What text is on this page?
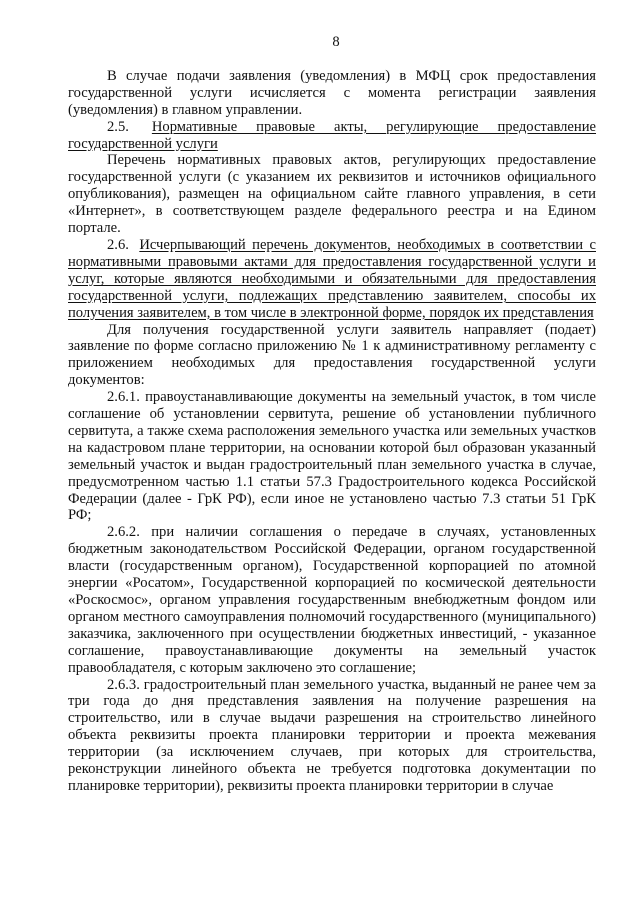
8

В случае подачи заявления (уведомления) в МФЦ срок предоставления государственной услуги исчисляется с момента регистрации заявления (уведомления) в главном управлении.

2.5. Нормативные правовые акты, регулирующие предоставление государственной услуги

Перечень нормативных правовых актов, регулирующих предоставление государственной услуги (с указанием их реквизитов и источников официального опубликования), размещен на официальном сайте главного управления, в сети «Интернет», в соответствующем разделе федерального реестра и на Едином портале.

2.6. Исчерпывающий перечень документов, необходимых в соответствии с нормативными правовыми актами для предоставления государственной услуги и услуг, которые являются необходимыми и обязательными для предоставления государственной услуги, подлежащих представлению заявителем, способы их получения заявителем, в том числе в электронной форме, порядок их представления

Для получения государственной услуги заявитель направляет (подает) заявление по форме согласно приложению № 1 к административному регламенту с приложением необходимых для предоставления государственной услуги документов:

2.6.1. правоустанавливающие документы на земельный участок, в том числе соглашение об установлении сервитута, решение об установлении публичного сервитута, а также схема расположения земельного участка или земельных участков на кадастровом плане территории, на основании которой был образован указанный земельный участок и выдан градостроительный план земельного участка в случае, предусмотренном частью 1.1 статьи 57.3 Градостроительного кодекса Российской Федерации (далее - ГрК РФ), если иное не установлено частью 7.3 статьи 51 ГрК РФ;

2.6.2. при наличии соглашения о передаче в случаях, установленных бюджетным законодательством Российской Федерации, органом государственной власти (государственным органом), Государственной корпорацией по атомной энергии «Росатом», Государственной корпорацией по космической деятельности «Роскосмос», органом управления государственным внебюджетным фондом или органом местного самоуправления полномочий государственного (муниципального) заказчика, заключенного при осуществлении бюджетных инвестиций, - указанное соглашение, правоустанавливающие документы на земельный участок правообладателя, с которым заключено это соглашение;

2.6.3. градостроительный план земельного участка, выданный не ранее чем за три года до дня представления заявления на получение разрешения на строительство, или в случае выдачи разрешения на строительство линейного объекта реквизиты проекта планировки территории и проекта межевания территории (за исключением случаев, при которых для строительства, реконструкции линейного объекта не требуется подготовка документации по планировке территории), реквизиты проекта планировки территории в случае
